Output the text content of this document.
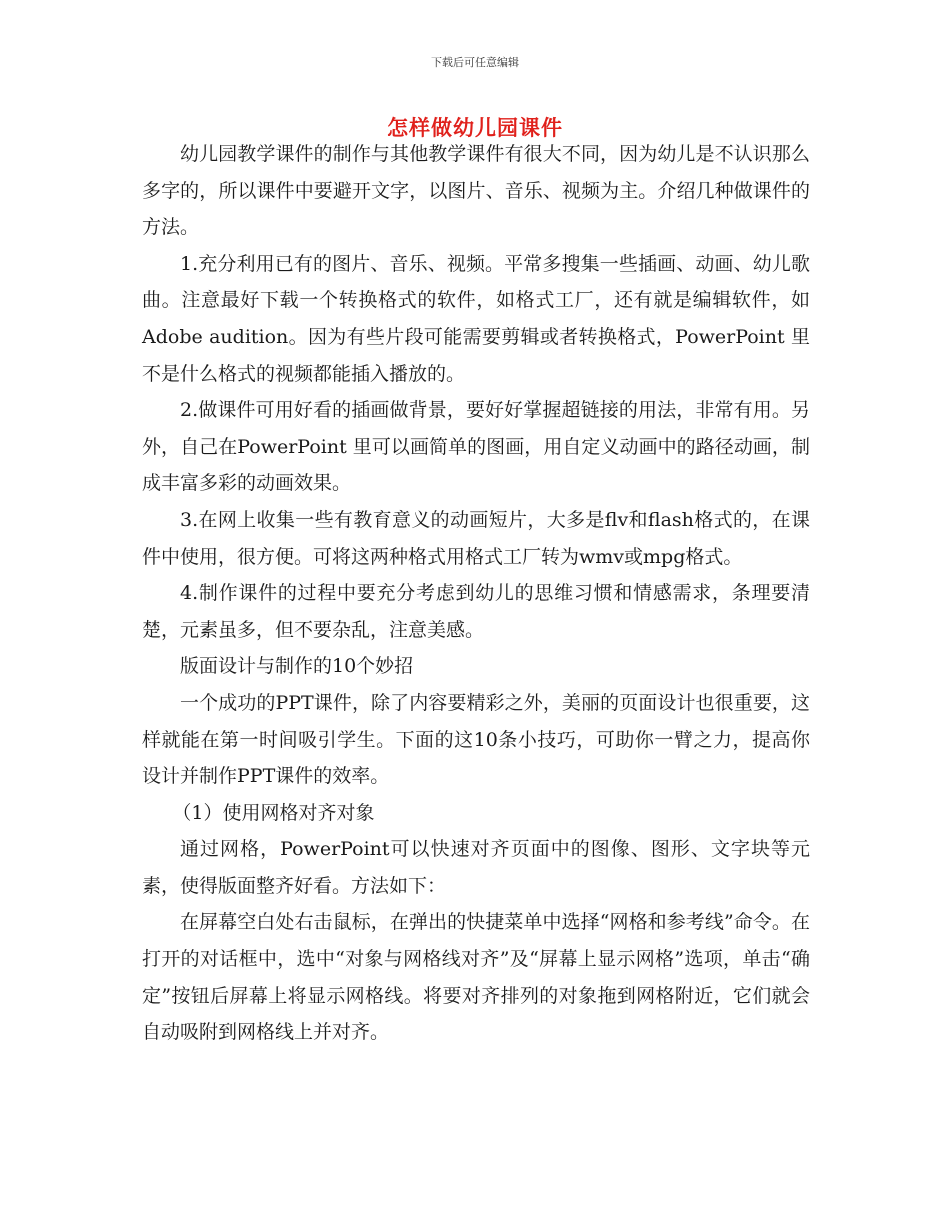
下载后可任意编辑
怎样做幼儿园课件

幼儿园教学课件的制作与其他教学课件有很大不同，因为幼儿是不认识那么多字的，所以课件中要避开文字，以图片、音乐、视频为主。介绍几种做课件的方法。

1.充分利用已有的图片、音乐、视频。平常多搜集一些插画、动画、幼儿歌曲。注意最好下载一个转换格式的软件，如格式工厂，还有就是编辑软件，如Adobe audition。因为有些片段可能需要剪辑或者转换格式，PowerPoint 里不是什么格式的视频都能插入播放的。

2.做课件可用好看的插画做背景，要好好掌握超链接的用法，非常有用。另外，自己在PowerPoint 里可以画简单的图画，用自定义动画中的路径动画，制成丰富多彩的动画效果。

3.在网上收集一些有教育意义的动画短片，大多是flv和flash格式的，在课件中使用，很方便。可将这两种格式用格式工厂转为wmv或mpg格式。

4.制作课件的过程中要充分考虑到幼儿的思维习惯和情感需求，条理要清楚，元素虽多，但不要杂乱，注意美感。

版面设计与制作的10个妙招

一个成功的PPT课件，除了内容要精彩之外，美丽的页面设计也很重要，这样就能在第一时间吸引学生。下面的这10条小技巧，可助你一臂之力，提高你设计并制作PPT课件的效率。

（1）使用网格对齐对象

通过网格，PowerPoint可以快速对齐页面中的图像、图形、文字块等元素，使得版面整齐好看。方法如下：

在屏幕空白处右击鼠标，在弹出的快捷菜单中选择“网格和参考线”命令。在打开的对话框中，选中“对象与网格线对齐”及“屏幕上显示网格”选项，单击“确定”按钮后屏幕上将显示网格线。将要对齐排列的对象拖到网格附近，它们就会自动吸附到网格线上并对齐。
